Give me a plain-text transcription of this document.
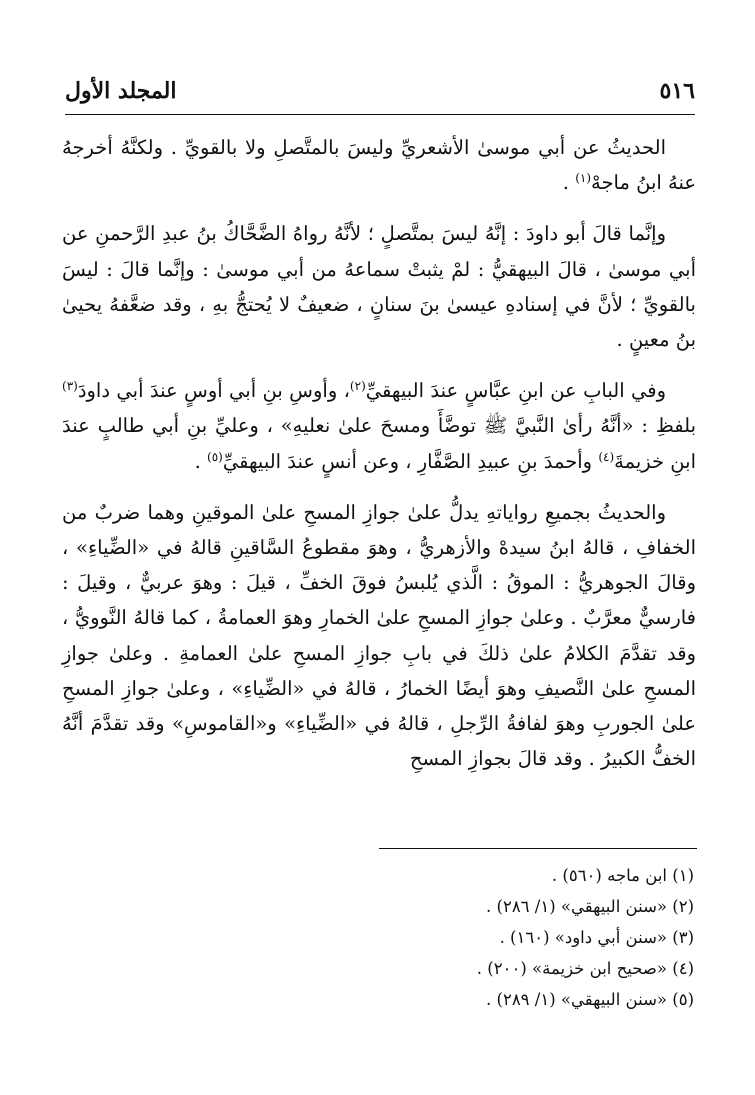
٥١٦
المجلد الأول

الحديثُ عن أبي موسىٰ الأشعريِّ وليسَ بالمتَّصلِ ولا بالقويِّ . ولكنَّهُ أخرجهُ عنهُ ابنُ ماجهْ$^{(١)}$ .

وإنَّما قالَ أبو داودَ : إنَّهُ ليسَ بمتَّصلٍ ؛ لأنَّهُ رواهُ الضَّحَّاكُ بنُ عبدِ الرَّحمنِ عن أبي موسىٰ ، قالَ البيهقيُّ : لمْ يثبتْ سماعهُ من أبي موسىٰ : وإنَّما قالَ : ليسَ بالقويِّ ؛ لأنَّ في إسنادهِ عيسىٰ بنَ سنانٍ ، ضعيفٌ لا يُحتجُّ بهِ ، وقد ضعَّفهُ يحيىٰ بنُ معينٍ .

وفي البابِ عن ابنِ عبَّاسٍ عندَ البيهقيِّ$^{(٢)}$، وأوسِ بنِ أبي أوسٍ عندَ أبي داودَ$^{(٣)}$ بلفظِ : «أنَّهُ رأىٰ النَّبيَّ ﷺ توضَّأَ ومسحَ علىٰ نعليهِ» ، وعليِّ بنِ أبي طالبٍ عندَ ابنِ خزيمةَ$^{(٤)}$ وأحمدَ بنِ عبيدِ الصَّفَّارِ ، وعن أنسٍ عندَ البيهقيِّ$^{(٥)}$ .

والحديثُ بجميعِ رواياتهِ يدلُّ علىٰ جوازِ المسحِ علىٰ الموقينِ وهما ضربٌ من الخفافِ ، قالهُ ابنُ سيدهْ والأزهريُّ ، وهوَ مقطوعُ السَّاقينِ قالهُ في «الضِّياءِ» ، وقالَ الجوهريُّ : الموقُ : الَّذي يُلبسُ فوقَ الخفِّ ، قيلَ : وهوَ عربيٌّ ، وقيلَ : فارسيٌّ معرَّبٌ . وعلىٰ جوازِ المسحِ علىٰ الخمارِ وهوَ العمامةُ ، كما قالهُ النَّوويُّ ، وقد تقدَّمَ الكلامُ علىٰ ذلكَ في بابِ جوازِ المسحِ علىٰ العمامةِ . وعلىٰ جوازِ المسحِ علىٰ النَّصيفِ وهوَ أيضًا الخمارُ ، قالهُ في «الضِّياءِ» ، وعلىٰ جوازِ المسحِ علىٰ الجوربِ وهوَ لفافةُ الرِّجلِ ، قالهُ في «الضِّياءِ» و«القاموسِ» وقد تقدَّمَ أنَّهُ الخفُّ الكبيرُ . وقد قالَ بجوازِ المسحِ

(١) ابن ماجه (٥٦٠) .

(٢) «سنن البيهقي» (١/ ٢٨٦) .

(٣) «سنن أبي داود» (١٦٠) .

(٤) «صحيح ابن خزيمة» (٢٠٠) .

(٥) «سنن البيهقي» (١/ ٢٨٩) .
